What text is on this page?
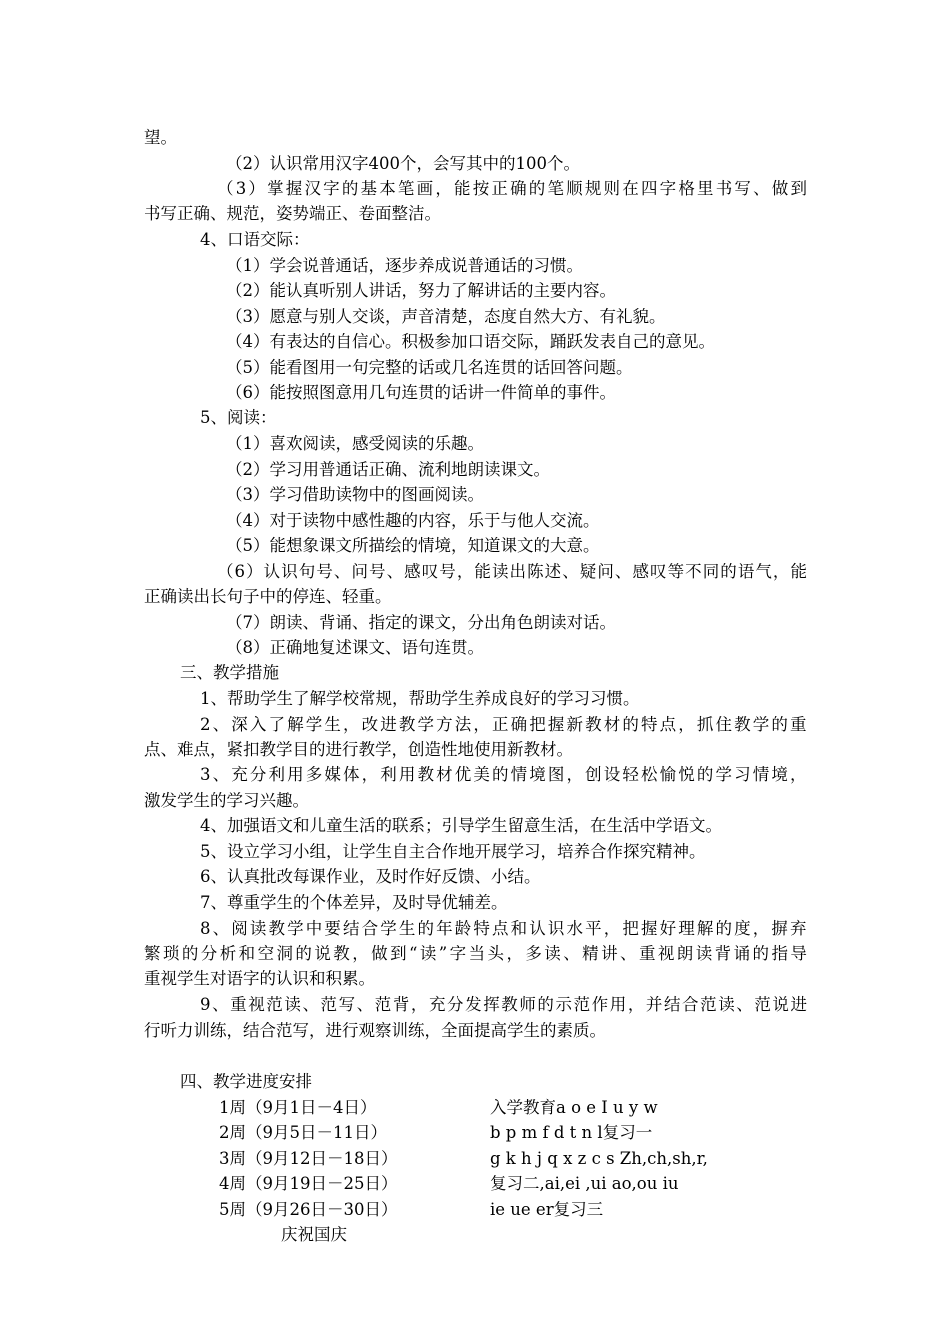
望。
（2）认识常用汉字400个，会写其中的100个。
（3）掌握汉字的基本笔画，能按正确的笔顺规则在四字格里书写、做到
书写正确、规范，姿势端正、卷面整洁。
4、口语交际：
（1）学会说普通话，逐步养成说普通话的习惯。
（2）能认真听别人讲话，努力了解讲话的主要内容。
（3）愿意与别人交谈，声音清楚，态度自然大方、有礼貌。
（4）有表达的自信心。积极参加口语交际，踊跃发表自己的意见。
（5）能看图用一句完整的话或几名连贯的话回答问题。
（6）能按照图意用几句连贯的话讲一件简单的事件。
5、阅读：
（1）喜欢阅读，感受阅读的乐趣。
（2）学习用普通话正确、流利地朗读课文。
（3）学习借助读物中的图画阅读。
（4）对于读物中感性趣的内容，乐于与他人交流。
（5）能想象课文所描绘的情境，知道课文的大意。
（6）认识句号、问号、感叹号，能读出陈述、疑问、感叹等不同的语气，能
正确读出长句子中的停连、轻重。
（7）朗读、背诵、指定的课文，分出角色朗读对话。
（8）正确地复述课文、语句连贯。
三、教学措施
1、帮助学生了解学校常规，帮助学生养成良好的学习习惯。
2、深入了解学生，改进教学方法，正确把握新教材的特点，抓住教学的重
点、难点，紧扣教学目的进行教学，创造性地使用新教材。
3、充分利用多媒体，利用教材优美的情境图，创设轻松愉悦的学习情境，
激发学生的学习兴趣。
4、加强语文和儿童生活的联系；引导学生留意生活，在生活中学语文。
5、设立学习小组，让学生自主合作地开展学习，培养合作探究精神。
6、认真批改每课作业，及时作好反馈、小结。
7、尊重学生的个体差异，及时导优辅差。
8、阅读教学中要结合学生的年龄特点和认识水平，把握好理解的度，摒弃
繁琐的分析和空洞的说教，做到“读”字当头，多读、精讲、重视朗读背诵的指导
重视学生对语字的认识和积累。
9、重视范读、范写、范背，充分发挥教师的示范作用，并结合范读、范说进
行听力训练，结合范写，进行观察训练，全面提高学生的素质。
四、教学进度安排
1周（9月1日－4日）	入学教育a o e I u y w
2周（9月5日－11日）	b p m f d t n l复习一
3周（9月12日－18日）	g k h j q x z c s Zh,ch,sh,r,
4周（9月19日－25日）	复习二,ai,ei ,ui ao,ou iu
5周（9月26日－30日）	ie ue er复习三
庆祝国庆
